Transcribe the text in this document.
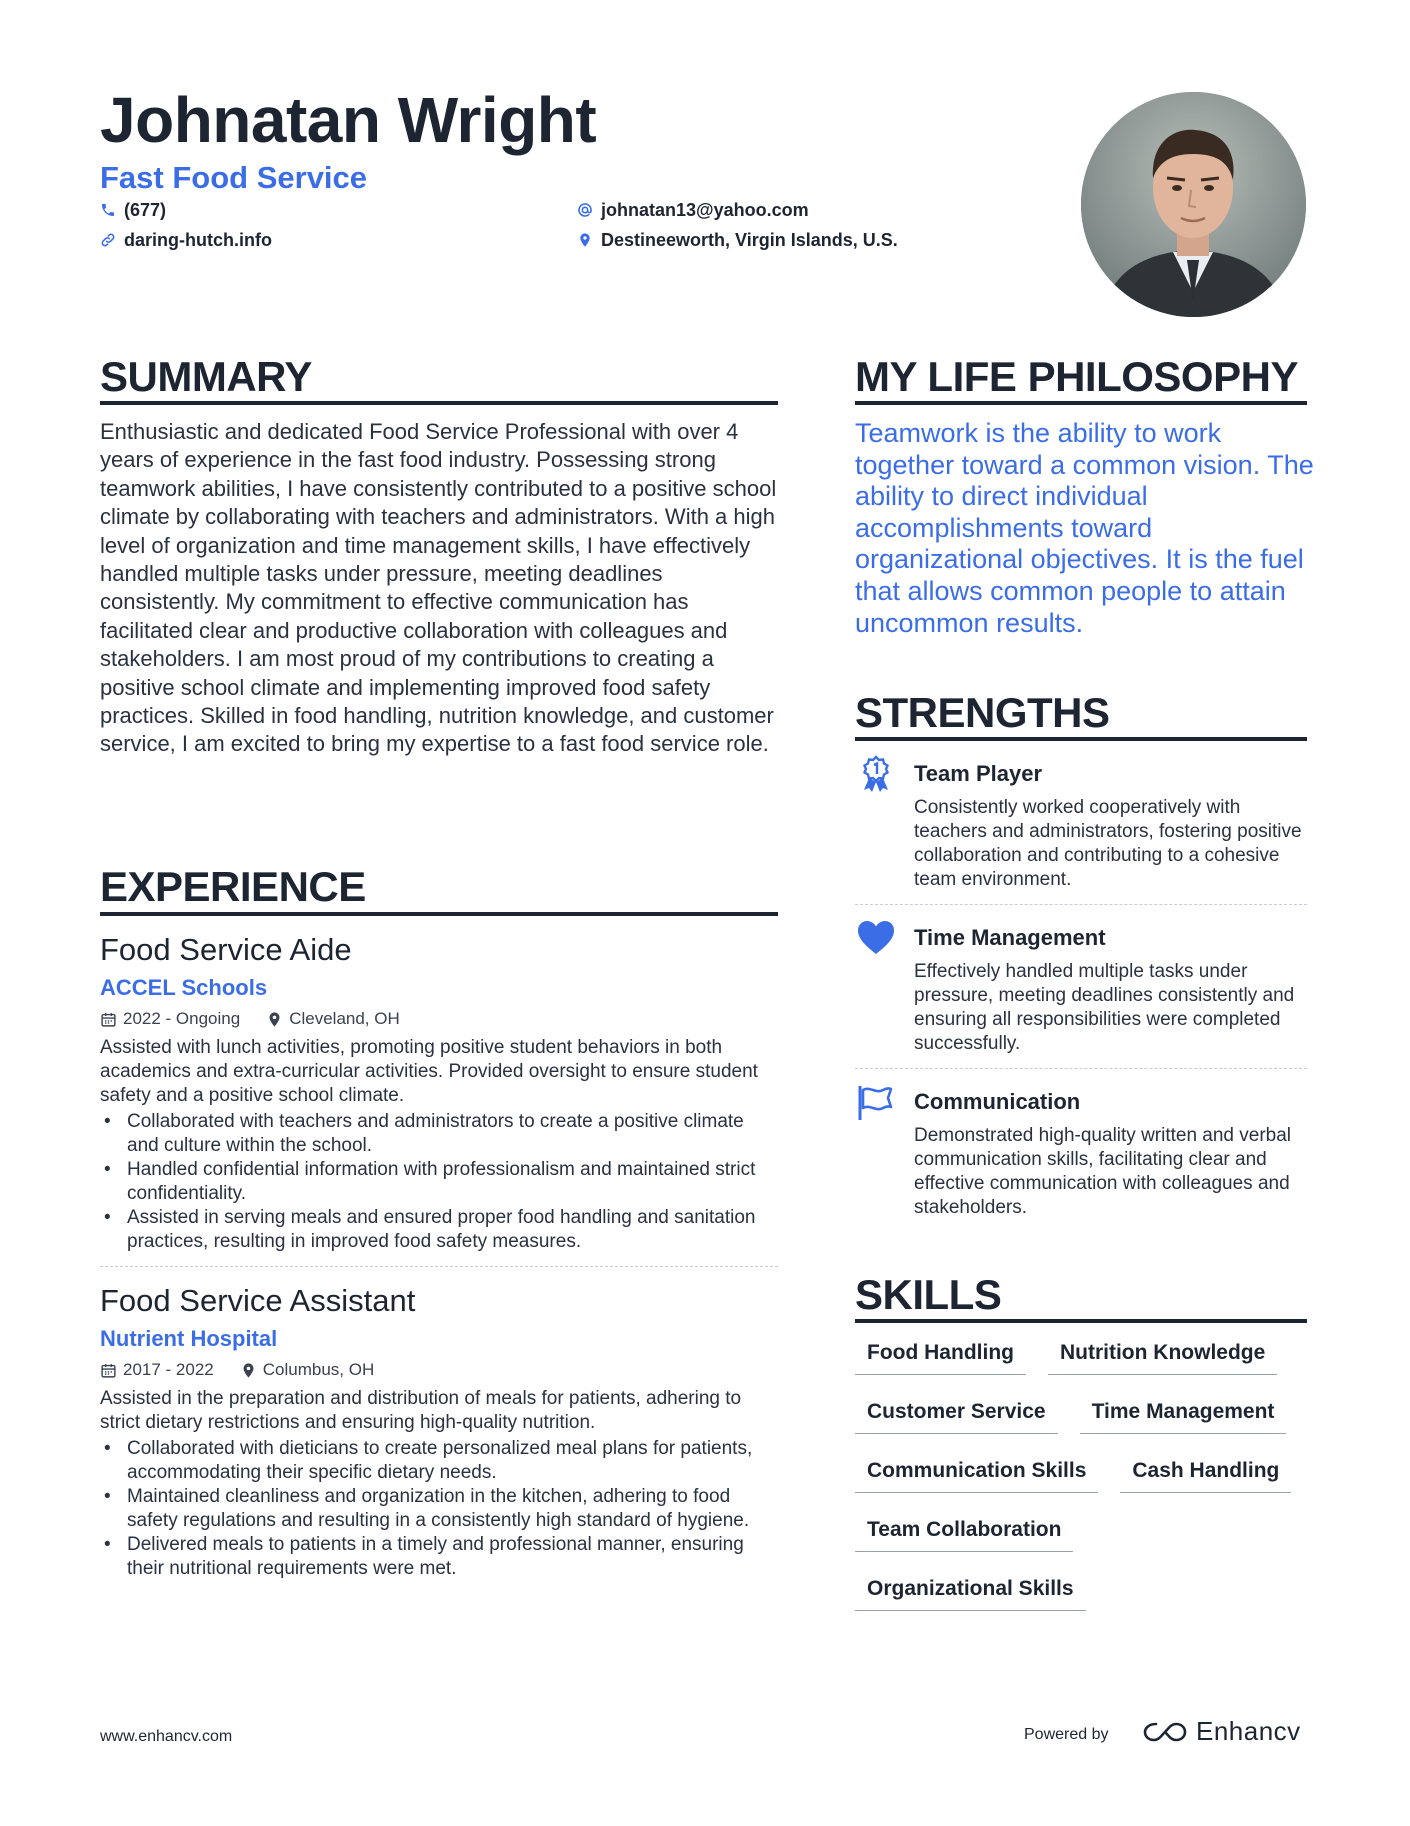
Johnatan Wright
Fast Food Service
(677)
daring-hutch.info
johnatan13@yahoo.com
Destineeworth, Virgin Islands, U.S.
SUMMARY
Enthusiastic and dedicated Food Service Professional with over 4 years of experience in the fast food industry. Possessing strong teamwork abilities, I have consistently contributed to a positive school climate by collaborating with teachers and administrators. With a high level of organization and time management skills, I have effectively handled multiple tasks under pressure, meeting deadlines consistently. My commitment to effective communication has facilitated clear and productive collaboration with colleagues and stakeholders. I am most proud of my contributions to creating a positive school climate and implementing improved food safety practices. Skilled in food handling, nutrition knowledge, and customer service, I am excited to bring my expertise to a fast food service role.
EXPERIENCE
Food Service Aide
ACCEL Schools
2022 - Ongoing	Cleveland, OH
Assisted with lunch activities, promoting positive student behaviors in both academics and extra-curricular activities. Provided oversight to ensure student safety and a positive school climate.
• Collaborated with teachers and administrators to create a positive climate and culture within the school.
• Handled confidential information with professionalism and maintained strict confidentiality.
• Assisted in serving meals and ensured proper food handling and sanitation practices, resulting in improved food safety measures.
Food Service Assistant
Nutrient Hospital
2017 - 2022	Columbus, OH
Assisted in the preparation and distribution of meals for patients, adhering to strict dietary restrictions and ensuring high-quality nutrition.
• Collaborated with dieticians to create personalized meal plans for patients, accommodating their specific dietary needs.
• Maintained cleanliness and organization in the kitchen, adhering to food safety regulations and resulting in a consistently high standard of hygiene.
• Delivered meals to patients in a timely and professional manner, ensuring their nutritional requirements were met.
MY LIFE PHILOSOPHY
Teamwork is the ability to work together toward a common vision. The ability to direct individual accomplishments toward organizational objectives. It is the fuel that allows common people to attain uncommon results.
STRENGTHS
Team Player
Consistently worked cooperatively with teachers and administrators, fostering positive collaboration and contributing to a cohesive team environment.
Time Management
Effectively handled multiple tasks under pressure, meeting deadlines consistently and ensuring all responsibilities were completed successfully.
Communication
Demonstrated high-quality written and verbal communication skills, facilitating clear and effective communication with colleagues and stakeholders.
SKILLS
Food Handling	Nutrition Knowledge
Customer Service	Time Management
Communication Skills	Cash Handling
Team Collaboration
Organizational Skills
www.enhancv.com	Powered by	Enhancv
